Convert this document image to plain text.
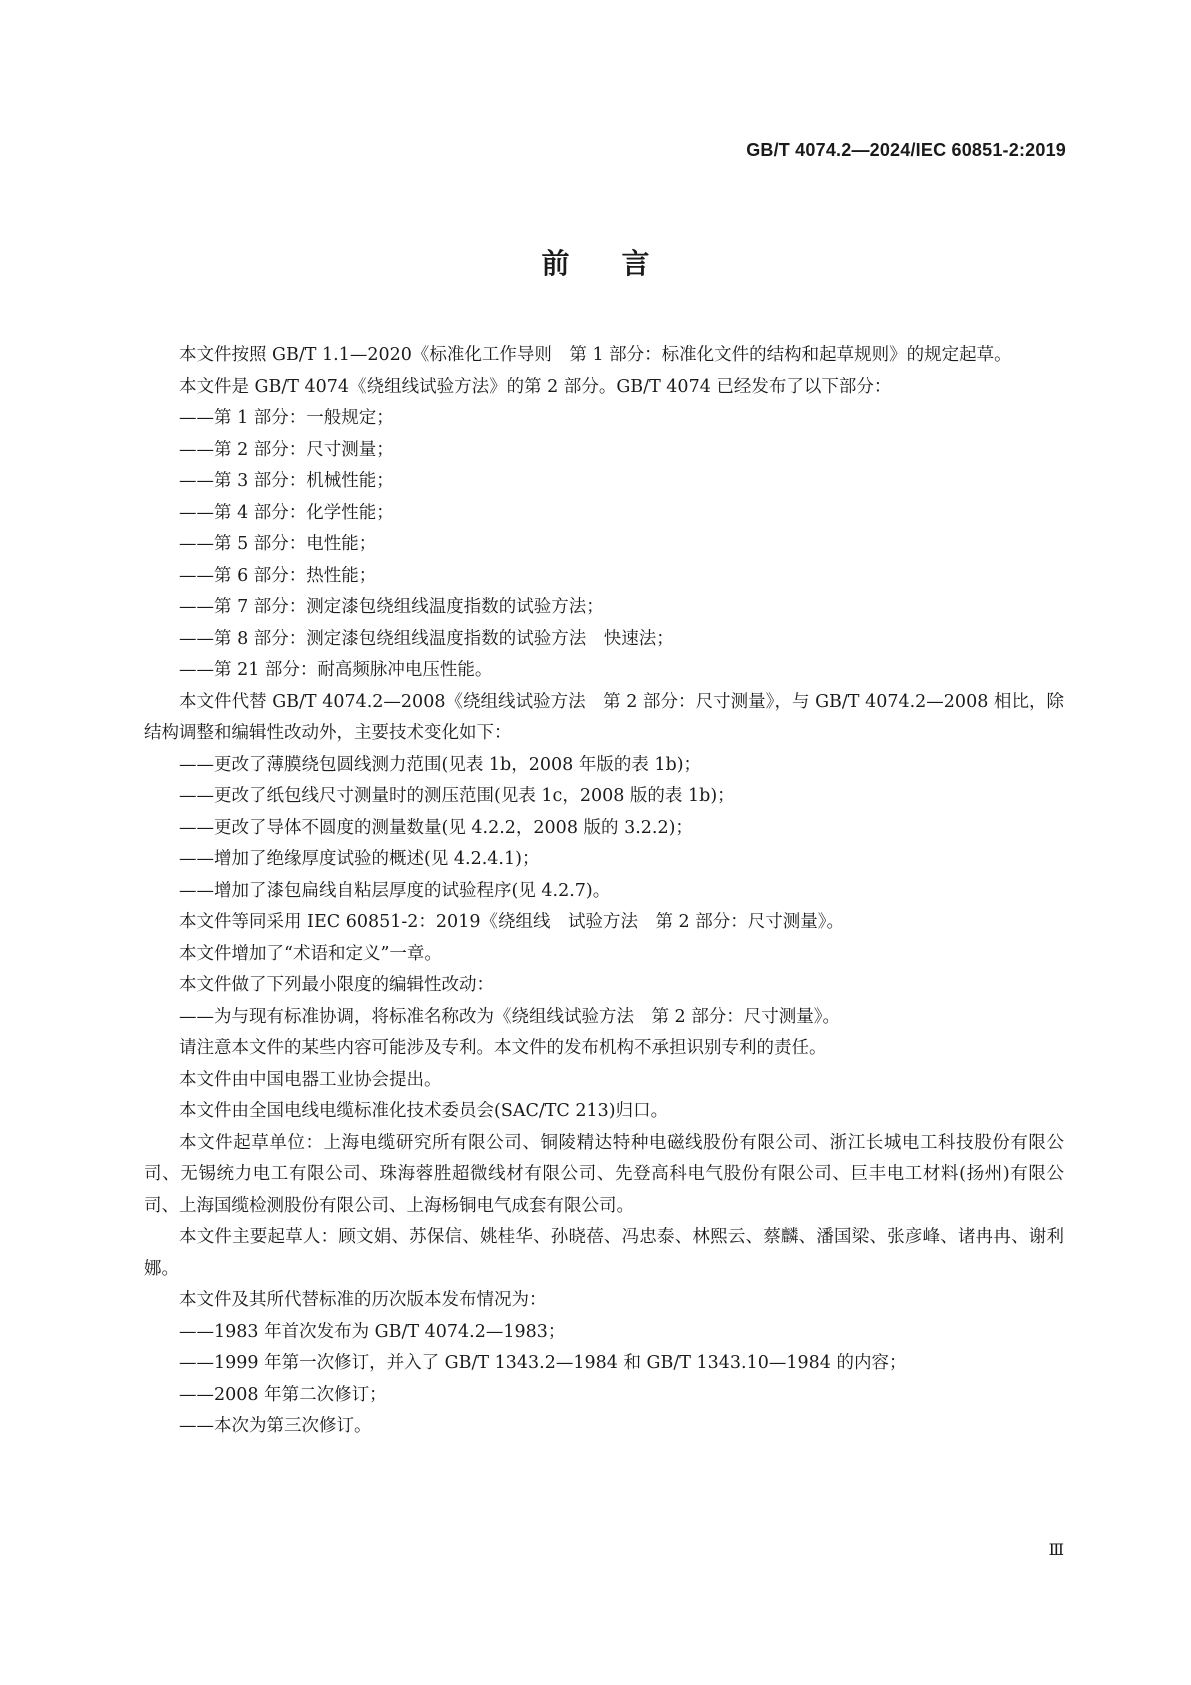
GB/T 4074.2—2024/IEC 60851-2:2019
前言

本文件按照 GB/T 1.1—2020《标准化工作导则　第 1 部分：标准化文件的结构和起草规则》的规定起草。

本文件是 GB/T 4074《绕组线试验方法》的第 2 部分。GB/T 4074 已经发布了以下部分：

——第 1 部分：一般规定；

——第 2 部分：尺寸测量；

——第 3 部分：机械性能；

——第 4 部分：化学性能；

——第 5 部分：电性能；

——第 6 部分：热性能；

——第 7 部分：测定漆包绕组线温度指数的试验方法；

——第 8 部分：测定漆包绕组线温度指数的试验方法　快速法；

——第 21 部分：耐高频脉冲电压性能。

本文件代替 GB/T 4074.2—2008《绕组线试验方法　第 2 部分：尺寸测量》，与 GB/T 4074.2—2008 相比，除结构调整和编辑性改动外，主要技术变化如下：

——更改了薄膜绕包圆线测力范围(见表 1b，2008 年版的表 1b)；

——更改了纸包线尺寸测量时的测压范围(见表 1c，2008 版的表 1b)；

——更改了导体不圆度的测量数量(见 4.2.2，2008 版的 3.2.2)；

——增加了绝缘厚度试验的概述(见 4.2.4.1)；

——增加了漆包扁线自粘层厚度的试验程序(见 4.2.7)。

本文件等同采用 IEC 60851-2：2019《绕组线　试验方法　第 2 部分：尺寸测量》。

本文件增加了“术语和定义”一章。

本文件做了下列最小限度的编辑性改动：

——为与现有标准协调，将标准名称改为《绕组线试验方法　第 2 部分：尺寸测量》。

请注意本文件的某些内容可能涉及专利。本文件的发布机构不承担识别专利的责任。

本文件由中国电器工业协会提出。

本文件由全国电线电缆标准化技术委员会(SAC/TC 213)归口。

本文件起草单位：上海电缆研究所有限公司、铜陵精达特种电磁线股份有限公司、浙江长城电工科技股份有限公司、无锡统力电工有限公司、珠海蓉胜超微线材有限公司、先登高科电气股份有限公司、巨丰电工材料(扬州)有限公司、上海国缆检测股份有限公司、上海杨铜电气成套有限公司。

本文件主要起草人：顾文娟、苏保信、姚桂华、孙晓蓓、冯忠泰、林熙云、蔡麟、潘国梁、张彦峰、诸冉冉、谢利娜。

本文件及其所代替标准的历次版本发布情况为：

——1983 年首次发布为 GB/T 4074.2—1983；

——1999 年第一次修订，并入了 GB/T 1343.2—1984 和 GB/T 1343.10—1984 的内容；

——2008 年第二次修订；

——本次为第三次修订。

Ⅲ
